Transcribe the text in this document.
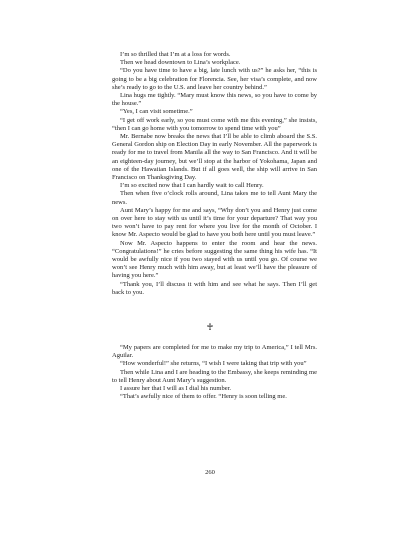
I’m so thrilled that I’m at a loss for words.

Then we head downtown to Lina’s workplace.

“Do you have time to have a big, late lunch with us?” he asks her, “this is going to be a big celebration for Florencia. See, her visa’s complete, and now she’s ready to go to the U.S. and leave her country behind.”

Lina hugs me tightly. “Mary must know this news, so you have to come by the house.”

“Yes, I can visit sometime.”

“I get off work early, so you must come with me this evening,” she insists, “then I can go home with you tomorrow to spend time with you”

Mr. Bernabe now breaks the news that I’ll be able to climb aboard the S.S. General Gordon ship on Election Day in early November. All the paperwork is ready for me to travel from Manila all the way to San Francisco. And it will be an eighteen-day journey, but we’ll stop at the harbor of Yokohama, Japan and one of the Hawaiian Islands. But if all goes well, the ship will arrive in San Francisco on Thanksgiving Day.

I’m so excited now that I can hardly wait to call Henry.

Then when five o’clock rolls around, Lina takes me to tell Aunt Mary the news.

Aunt Mary’s happy for me and says, “Why don’t you and Henry just come on over here to stay with us until it’s time for your departure? That way you two won’t have to pay rent for where you live for the month of October. I know Mr. Aspecto would be glad to have you both here until you must leave.”

Now Mr. Aspecto happens to enter the room and hear the news. “Congratulations!” he cries before suggesting the same thing his wife has. “It would be awfully nice if you two stayed with us until you go. Of course we won’t see Henry much with him away, but at least we’ll have the pleasure of having you here.”

“Thank you, I’ll discuss it with him and see what he says. Then I’ll get back to you.

♰

“My papers are completed for me to make my trip to America,” I tell Mrs. Aguilar.

“How wonderful!” she returns, “I wish I were taking that trip with you”

Then while Lina and I are heading to the Embassy, she keeps reminding me to tell Henry about Aunt Mary’s suggestion.

I assure her that I will as I dial his number.

“That’s awfully nice of them to offer. “Henry is soon telling me.

260
